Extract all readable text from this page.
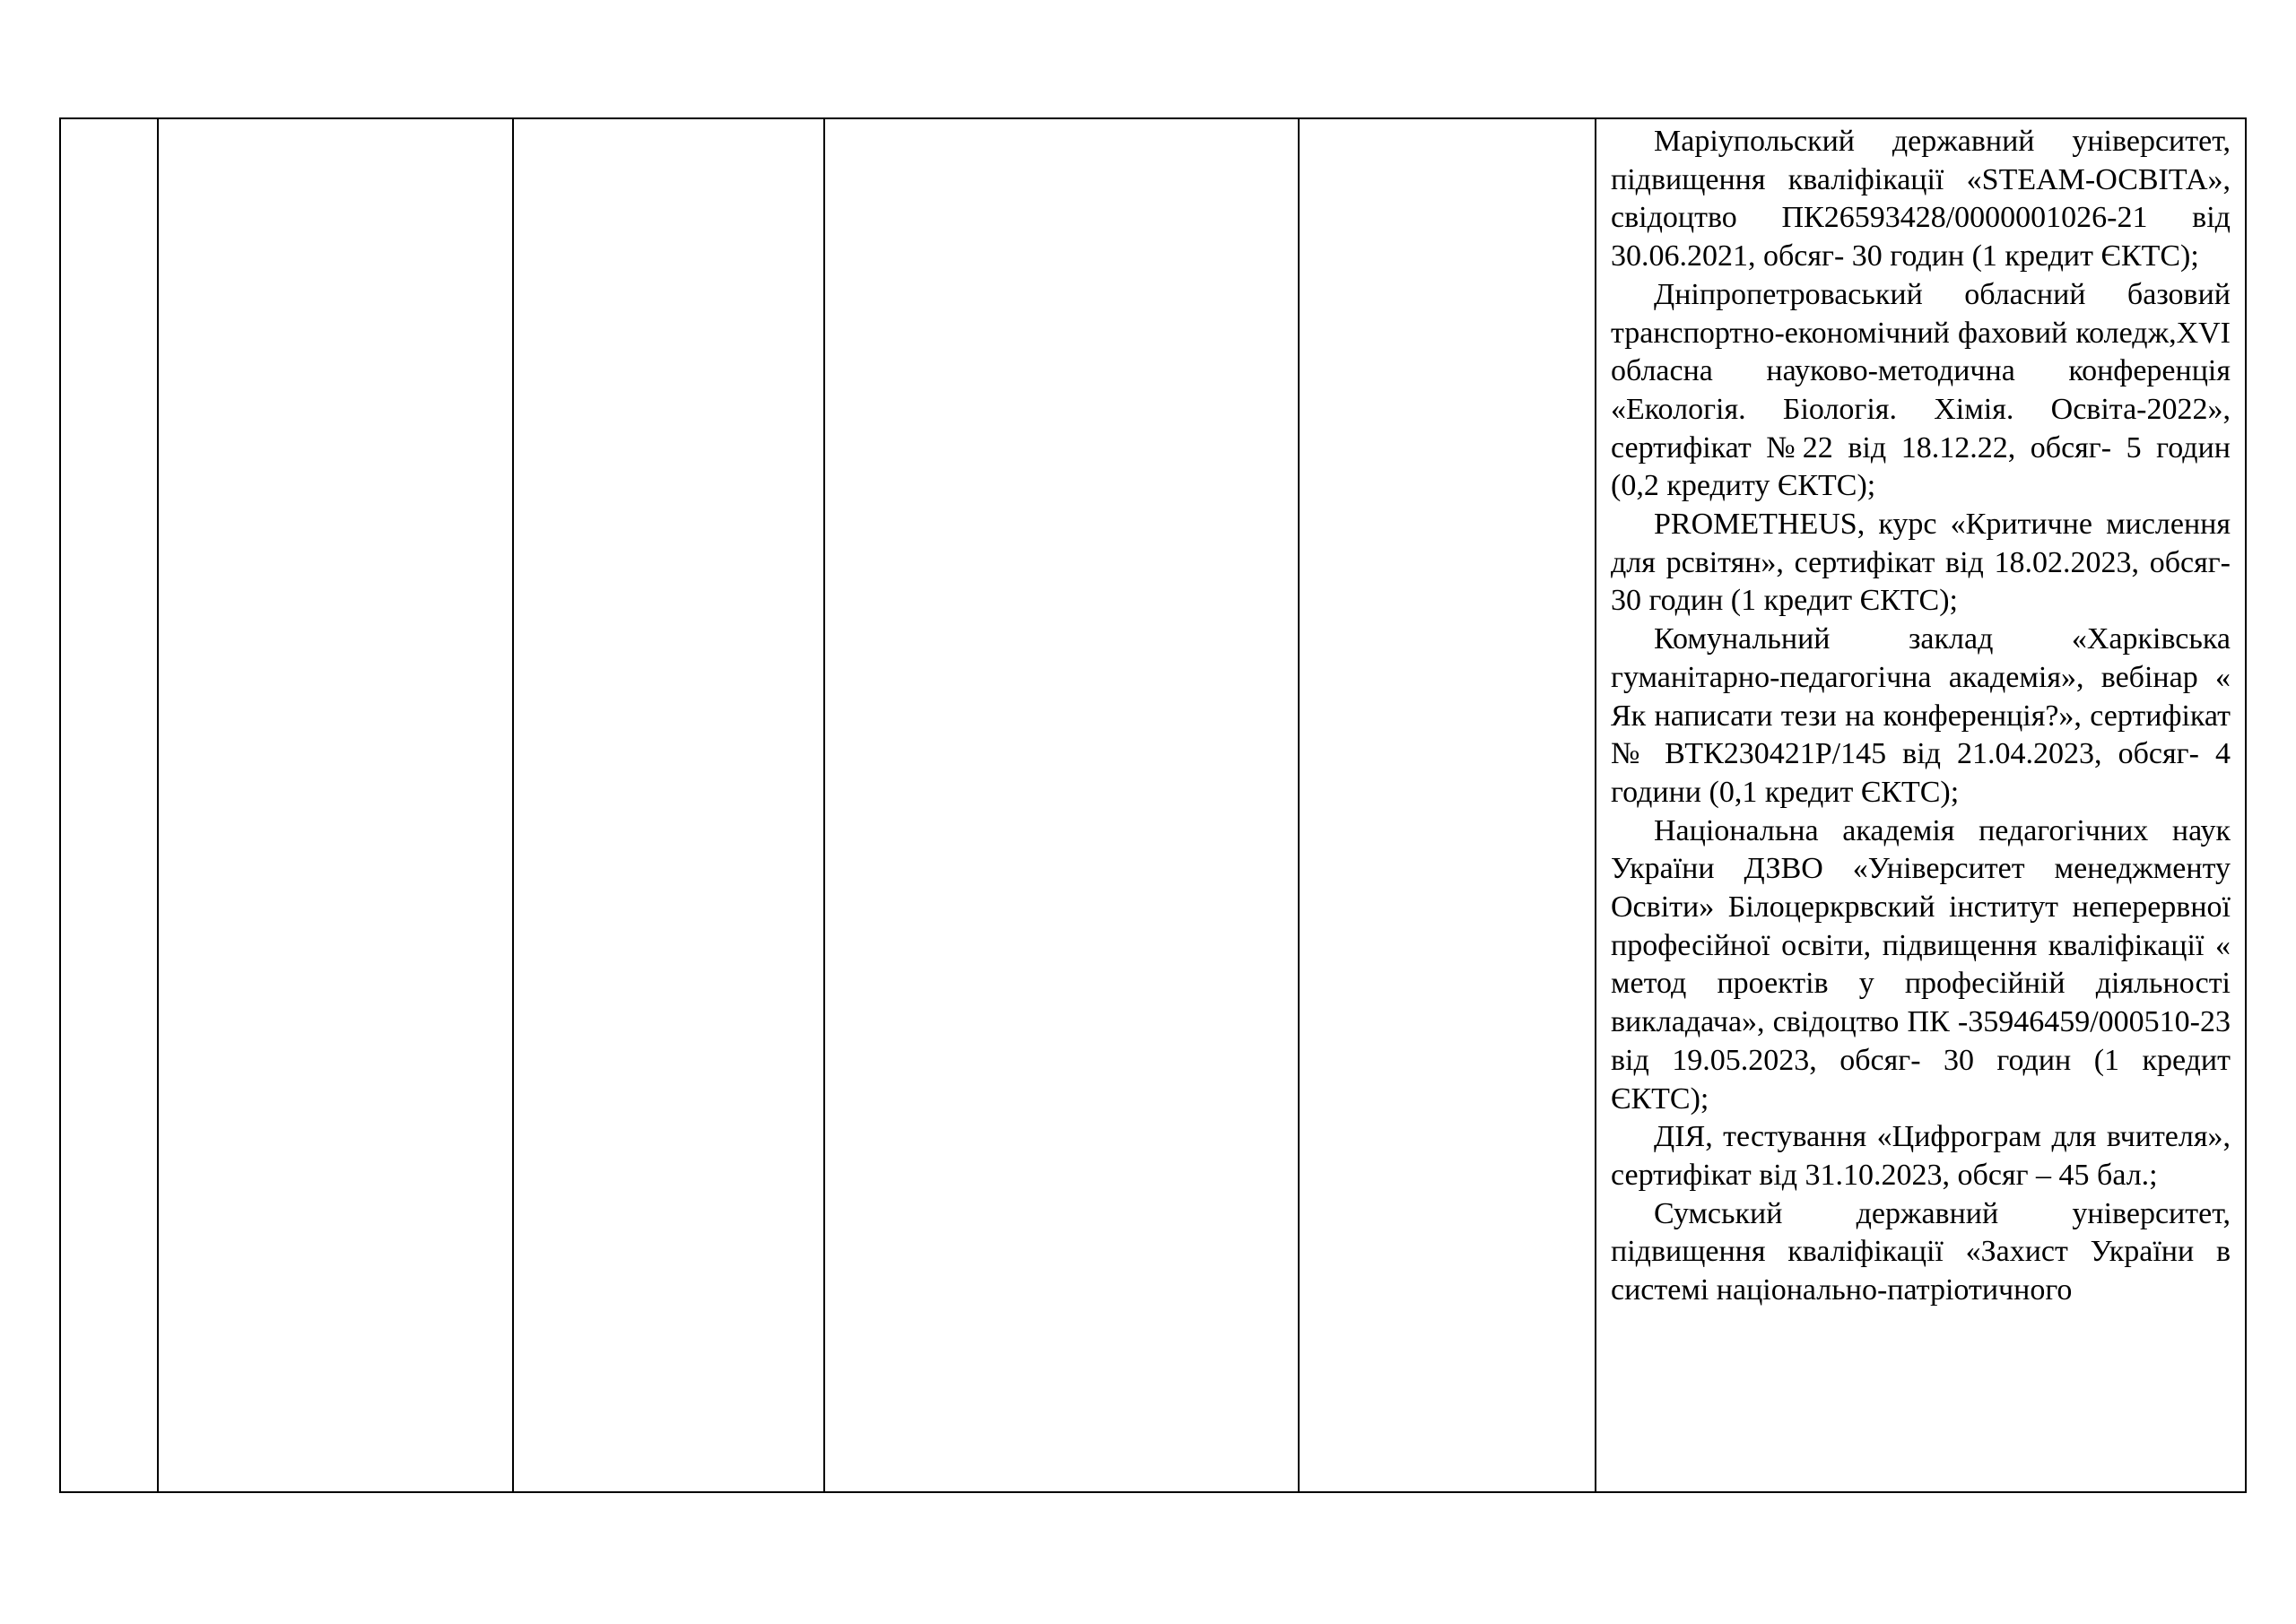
Маріупольский державний університет, підвищення кваліфікації «STEAM-ОСВІТА», свідоцтво ПК26593428/0000001026-21 від 30.06.2021, обсяг- 30 годин (1 кредит ЄКТС);

Дніпропетроваський обласний базовий транспортно-економічний фаховий коледж,XVI обласна науково-методична конференція «Екологія. Біологія. Хімія. Освіта-2022», сертифікат №22 від 18.12.22, обсяг- 5 годин (0,2 кредиту ЄКТС);

PROMETHEUS, курс «Критичне мислення для рсвітян», сертифікат від 18.02.2023, обсяг- 30 годин (1 кредит ЄКТС);

Комунальний заклад «Харківська гуманітарно-педагогічна академія», вебінар « Як написати тези на конференція?», сертифікат № ВТК230421Р/145 від 21.04.2023, обсяг- 4 години (0,1 кредит ЄКТС);

Національна академія педагогічних наук України ДЗВО «Університет менеджменту Освіти» Білоцеркрвский інститут неперервної професійної освіти, підвищення кваліфікації « метод проектів у професійній діяльності викладача», свідоцтво ПК -35946459/000510-23 від 19.05.2023, обсяг- 30 годин (1 кредит ЄКТС);

ДІЯ, тестування «Цифрограм для вчителя», сертифікат від 31.10.2023, обсяг – 45 бал.;

Сумський державний університет, підвищення кваліфікації «Захист України в системі національно-патріотичного
